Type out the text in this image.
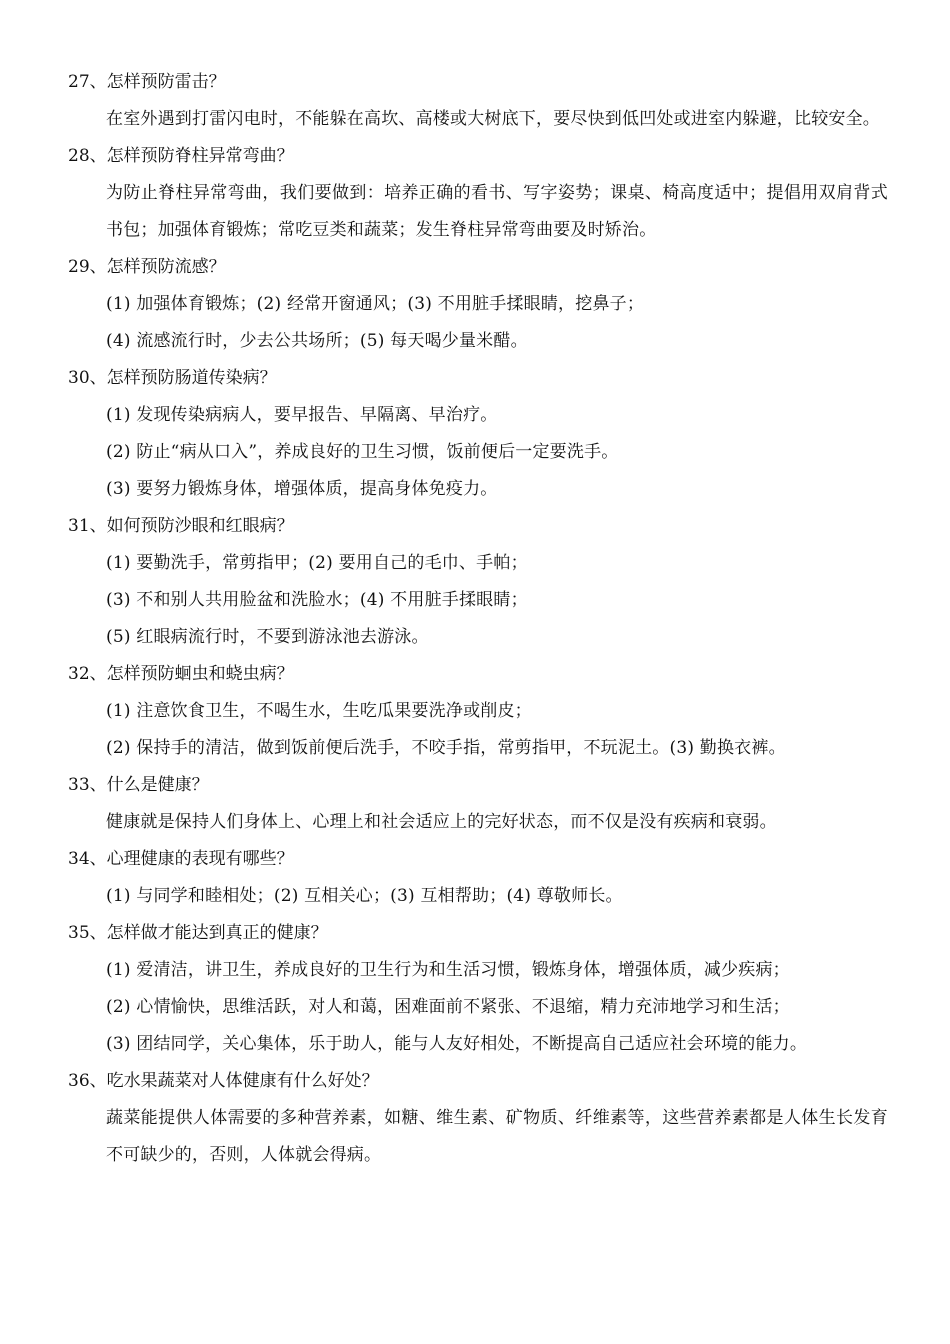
27、怎样预防雷击？
在室外遇到打雷闪电时，不能躲在高坎、高楼或大树底下，要尽快到低凹处或进室内躲避，比较安全。
28、怎样预防脊柱异常弯曲？
为防止脊柱异常弯曲，我们要做到：培养正确的看书、写字姿势；课桌、椅高度适中；提倡用双肩背式书包；加强体育锻炼；常吃豆类和蔬菜；发生脊柱异常弯曲要及时矫治。
29、怎样预防流感？
(1) 加强体育锻炼；(2) 经常开窗通风；(3) 不用脏手揉眼睛，挖鼻子；
(4) 流感流行时，少去公共场所；(5) 每天喝少量米醋。
30、怎样预防肠道传染病？
(1) 发现传染病病人，要早报告、早隔离、早治疗。
(2) 防止“病从口入”，养成良好的卫生习惯，饭前便后一定要洗手。
(3) 要努力锻炼身体，增强体质，提高身体免疫力。
31、如何预防沙眼和红眼病？
(1) 要勤洗手，常剪指甲；(2) 要用自己的毛巾、手帕；
(3) 不和别人共用脸盆和洗脸水；(4) 不用脏手揉眼睛；
(5) 红眼病流行时，不要到游泳池去游泳。
32、怎样预防蛔虫和蛲虫病？
(1) 注意饮食卫生，不喝生水，生吃瓜果要洗净或削皮；
(2) 保持手的清洁，做到饭前便后洗手，不咬手指，常剪指甲，不玩泥土。(3) 勤换衣裤。
33、什么是健康？
健康就是保持人们身体上、心理上和社会适应上的完好状态，而不仅是没有疾病和衰弱。
34、心理健康的表现有哪些？
(1) 与同学和睦相处；(2) 互相关心；(3) 互相帮助；(4) 尊敬师长。
35、怎样做才能达到真正的健康？
(1) 爱清洁，讲卫生，养成良好的卫生行为和生活习惯，锻炼身体，增强体质，减少疾病；
(2) 心情愉快，思维活跃，对人和蔼，困难面前不紧张、不退缩，精力充沛地学习和生活；
(3) 团结同学，关心集体，乐于助人，能与人友好相处，不断提高自己适应社会环境的能力。
36、吃水果蔬菜对人体健康有什么好处？
蔬菜能提供人体需要的多种营养素，如糖、维生素、矿物质、纤维素等，这些营养素都是人体生长发育不可缺少的，否则，人体就会得病。
